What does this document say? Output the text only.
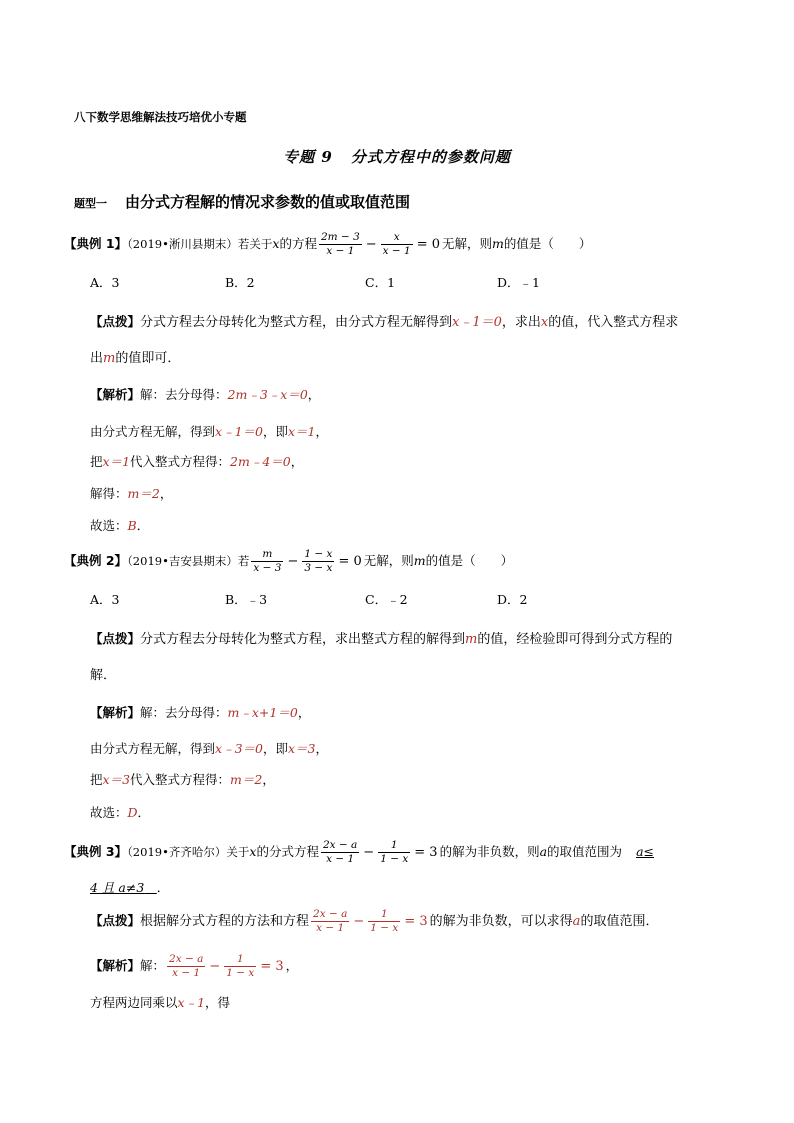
八下数学思维解法技巧培优小专题
专题 9 分式方程中的参数问题
题型一 由分式方程解的情况求参数的值或取值范围
【典例 1】（2019•淅川县期末）若关于x的方程 $\frac{2m - 3}{x - 1} - \frac{x}{x - 1} = 0$ 无解，则m的值是（　　）
A．3	B．2	C．1	D．﹣1
【点拨】分式方程去分母转化为整式方程，由分式方程无解得到x﹣1＝0，求出x的值，代入整式方程求
出m的值即可．
【解析】解：去分母得：2m﹣3﹣x＝0，
由分式方程无解，得到x﹣1＝0，即x＝1，
把x＝1代入整式方程得：2m﹣4＝0，
解得：m＝2，
故选：B．
【典例 2】（2019•吉安县期末）若 $\frac{m}{x - 3} - \frac{1 - x}{3 - x} = 0$ 无解，则m的值是（　　）
A．3	B．﹣3	C．﹣2	D．2
【点拨】分式方程去分母转化为整式方程，求出整式方程的解得到m的值，经检验即可得到分式方程的
解．
【解析】解：去分母得：m﹣x+1＝0，
由分式方程无解，得到x﹣3＝0，即x＝3，
把x＝3代入整式方程得：m＝2，
故选：D．
【典例 3】（2019•齐齐哈尔）关于x的分式方程 $\frac{2x - a}{x - 1} - \frac{1}{1 - x} = 3$ 的解为非负数，则a的取值范围为 a≤
4 且 a≠3  ．
【点拨】根据解分式方程的方法和方程 $\frac{2x - a}{x - 1} - \frac{1}{1 - x} = 3$ 的解为非负数，可以求得a的取值范围．
【解析】解： $\frac{2x - a}{x - 1} - \frac{1}{1 - x} = 3$ ，
方程两边同乘以x﹣1，得
